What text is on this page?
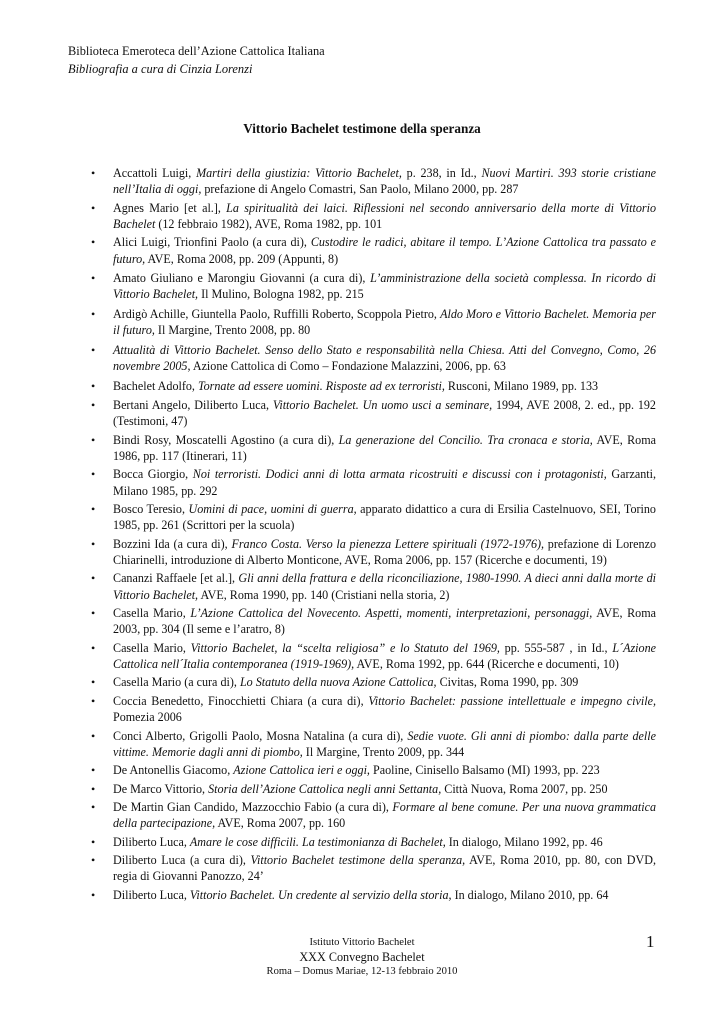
Biblioteca Emeroteca dell’Azione Cattolica Italiana
Bibliografia a cura di Cinzia Lorenzi
Vittorio Bachelet testimone della speranza
• Accattoli Luigi, Martiri della giustizia: Vittorio Bachelet, p. 238, in Id., Nuovi Martiri. 393 storie cristiane nell’Italia di oggi, prefazione di Angelo Comastri, San Paolo, Milano 2000, pp. 287
• Agnes Mario [et al.], La spiritualità dei laici. Riflessioni nel secondo anniversario della morte di Vittorio Bachelet (12 febbraio 1982), AVE, Roma 1982, pp. 101
• Alici Luigi, Trionfini Paolo (a cura di), Custodire le radici, abitare il tempo. L’Azione Cattolica tra passato e futuro, AVE, Roma 2008, pp. 209 (Appunti, 8)
• Amato Giuliano e Marongiu Giovanni (a cura di), L’amministrazione della società complessa. In ricordo di Vittorio Bachelet, Il Mulino, Bologna 1982, pp. 215
• Ardigò Achille, Giuntella Paolo, Ruffilli Roberto, Scoppola Pietro, Aldo Moro e Vittorio Bachelet. Memoria per il futuro, Il Margine, Trento 2008, pp. 80
• Attualità di Vittorio Bachelet. Senso dello Stato e responsabilità nella Chiesa. Atti del Convegno, Como, 26 novembre 2005, Azione Cattolica di Como – Fondazione Malazzini, 2006, pp. 63
• Bachelet Adolfo, Tornate ad essere uomini. Risposte ad ex terroristi, Rusconi, Milano 1989, pp. 133
• Bertani Angelo, Diliberto Luca, Vittorio Bachelet. Un uomo usci a seminare, 1994, AVE 2008, 2. ed., pp. 192 (Testimoni, 47)
• Bindi Rosy, Moscatelli Agostino (a cura di), La generazione del Concilio. Tra cronaca e storia, AVE, Roma 1986, pp. 117 (Itinerari, 11)
• Bocca Giorgio, Noi terroristi. Dodici anni di lotta armata ricostruiti e discussi con i protagonisti, Garzanti, Milano 1985, pp. 292
• Bosco Teresio, Uomini di pace, uomini di guerra, apparato didattico a cura di Ersilia Castelnuovo, SEI, Torino 1985, pp. 261 (Scrittori per la scuola)
• Bozzini Ida (a cura di), Franco Costa. Verso la pienezza Lettere spirituali (1972-1976), prefazione di Lorenzo Chiarinelli, introduzione di Alberto Monticone, AVE, Roma 2006, pp. 157 (Ricerche e documenti, 19)
• Cananzi Raffaele [et al.], Gli anni della frattura e della riconciliazione, 1980-1990. A dieci anni dalla morte di Vittorio Bachelet, AVE, Roma 1990, pp. 140 (Cristiani nella storia, 2)
• Casella Mario, L’Azione Cattolica del Novecento. Aspetti, momenti, interpretazioni, personaggi, AVE, Roma 2003, pp. 304 (Il seme e l’aratro, 8)
• Casella Mario, Vittorio Bachelet, la “scelta religiosa” e lo Statuto del 1969, pp. 555-587 , in Id., L´Azione Cattolica nell´Italia contemporanea (1919-1969), AVE, Roma 1992, pp. 644 (Ricerche e documenti, 10)
• Casella Mario (a cura di), Lo Statuto della nuova Azione Cattolica, Civitas, Roma 1990, pp. 309
• Coccia Benedetto, Finocchietti Chiara (a cura di), Vittorio Bachelet: passione intellettuale e impegno civile, Pomezia 2006
• Conci Alberto, Grigolli Paolo, Mosna Natalina (a cura di), Sedie vuote. Gli anni di piombo: dalla parte delle vittime. Memorie dagli anni di piombo, Il Margine, Trento 2009, pp. 344
• De Antonellis Giacomo, Azione Cattolica ieri e oggi, Paoline, Cinisello Balsamo (MI) 1993, pp. 223
• De Marco Vittorio, Storia dell’Azione Cattolica negli anni Settanta, Città Nuova, Roma 2007, pp. 250
• De Martin Gian Candido, Mazzocchio Fabio (a cura di), Formare al bene comune. Per una nuova grammatica della partecipazione, AVE, Roma 2007, pp. 160
• Diliberto Luca, Amare le cose difficili. La testimonianza di Bachelet, In dialogo, Milano 1992, pp. 46
• Diliberto Luca (a cura di), Vittorio Bachelet testimone della speranza, AVE, Roma 2010, pp. 80, con DVD, regia di Giovanni Panozzo, 24’
• Diliberto Luca, Vittorio Bachelet. Un credente al servizio della storia, In dialogo, Milano 2010, pp. 64
Istituto Vittorio Bachelet
XXX Convegno Bachelet
Roma – Domus Mariae, 12-13 febbraio 2010
1
